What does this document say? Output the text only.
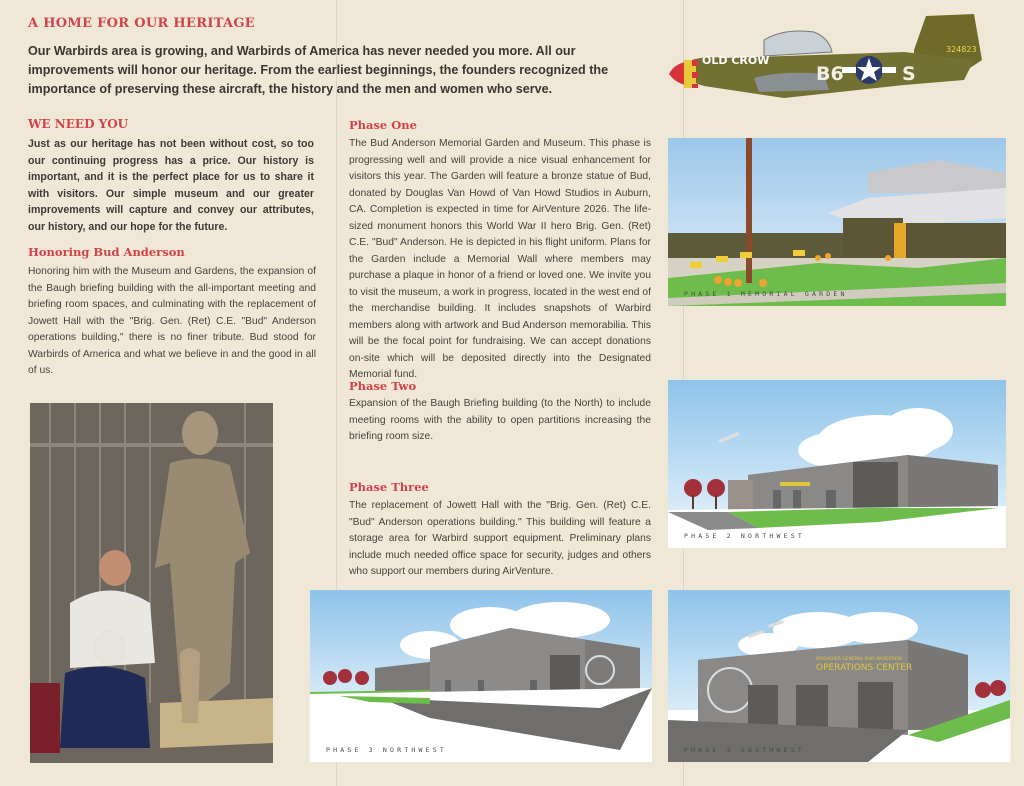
A HOME FOR OUR HERITAGE
Our Warbirds area is growing, and Warbirds of America has never needed you more. All our improvements will honor our heritage. From the earliest beginnings, the founders recognized the importance of preserving these aircraft, the history and the men and women who serve.
WE NEED YOU
Just as our heritage has not been without cost, so too our continuing progress has a price. Our history is important, and it is the perfect place for us to share it with visitors. Our simple museum and our greater improvements will capture and convey our attributes, our history, and our hope for the future.
Honoring Bud Anderson
Honoring him with the Museum and Gardens, the expansion of the Baugh briefing building with the all-important meeting and briefing room spaces, and culminating with the replacement of Jowett Hall with the "Brig. Gen. (Ret) C.E. "Bud" Anderson operations building," there is no finer tribute. Bud stood for Warbirds of America and what we believe in and the good in all of us.
Phase One
The Bud Anderson Memorial Garden and Museum. This phase is progressing well and will provide a nice visual enhancement for visitors this year. The Garden will feature a bronze statue of Bud, donated by Douglas Van Howd of Van Howd Studios in Auburn, CA. Completion is expected in time for AirVenture 2026. The life-sized monument honors this World War II hero Brig. Gen. (Ret) C.E. "Bud" Anderson. He is depicted in his flight uniform. Plans for the Garden include a Memorial Wall where members may purchase a plaque in honor of a friend or loved one. We invite you to visit the museum, a work in progress, located in the west end of the merchandise building. It includes snapshots of Warbird members along with artwork and Bud Anderson memorabilia. This will be the focal point for fundraising. We can accept donations on-site which will be deposited directly into the Designated Memorial fund.
Phase Two
Expansion of the Baugh Briefing building (to the North) to include meeting rooms with the ability to open partitions increasing the briefing room size.
Phase Three
The replacement of Jowett Hall with the "Brig. Gen. (Ret) C.E. "Bud" Anderson operations building." This building will feature a storage area for Warbird support equipment. Preliminary plans include much needed office space for security, judges and others who support our members during AirVenture.
OLD CROW
B6	S
324823
PHASE 1 MEMORIAL GARDEN
PHASE 2 NORTHWEST
PHASE 3 NORTHWEST
BRIGADIER GENERAL BUD ANDERSON
OPERATIONS CENTER
PHASE 3 SOUTHWEST
